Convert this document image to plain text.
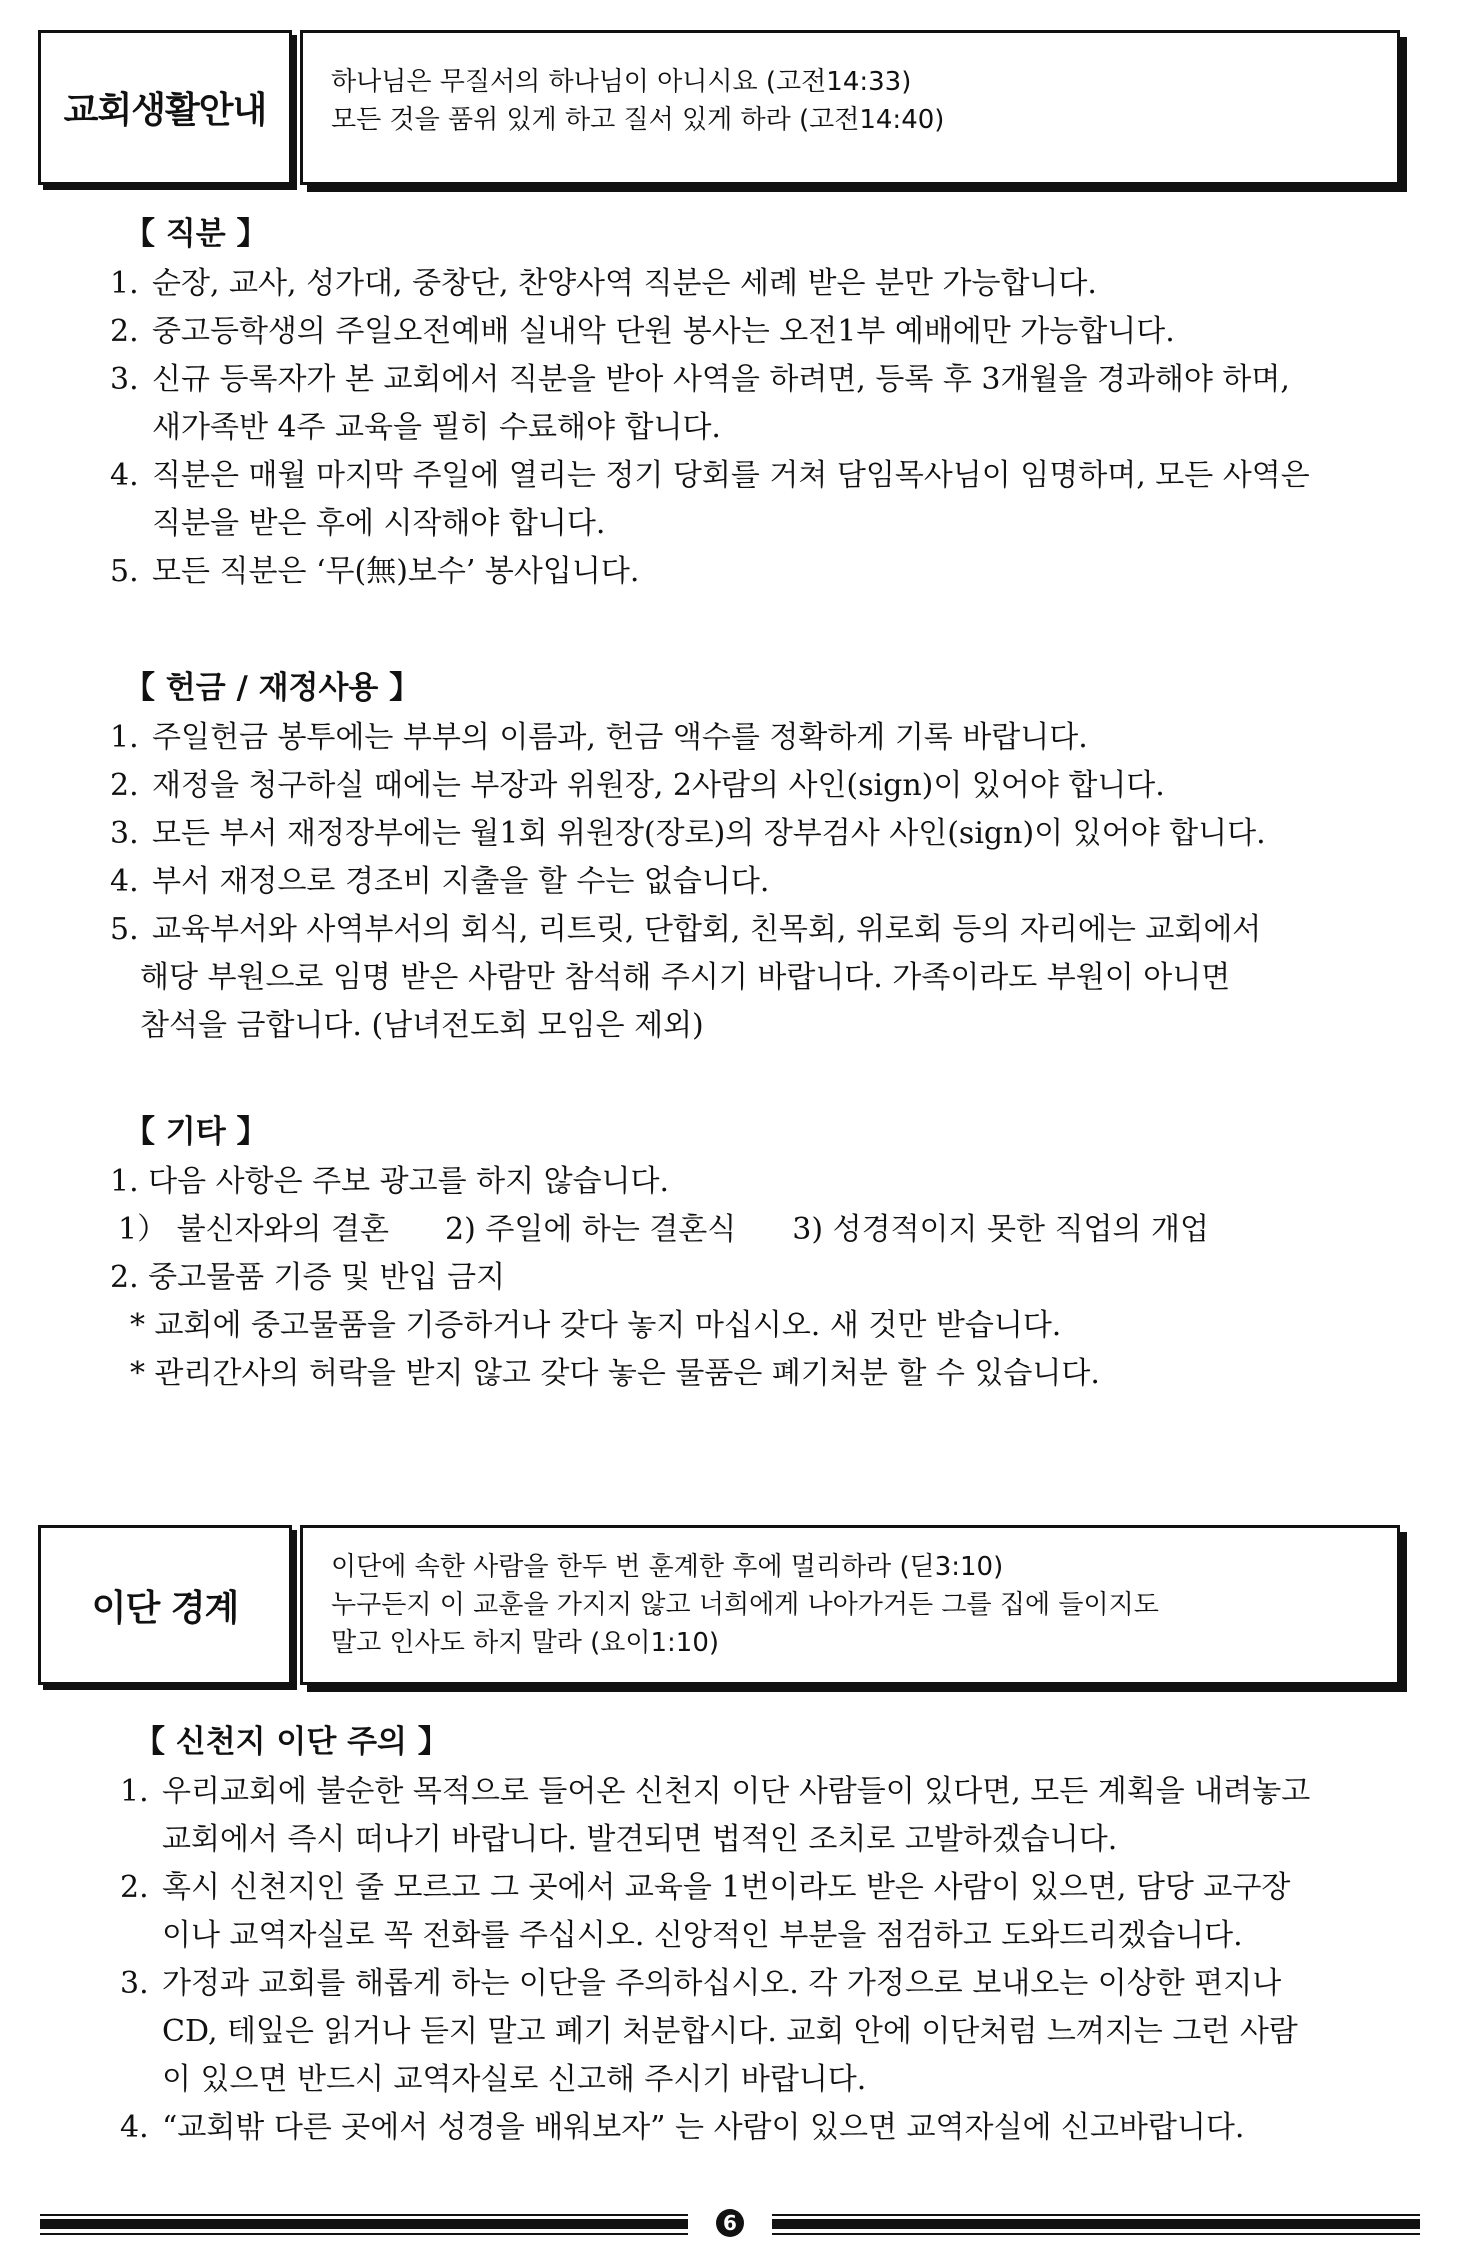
교회생활안내
하나님은 무질서의 하나님이 아니시요 (고전14:33)
모든 것을 품위 있게 하고 질서 있게 하라 (고전14:40)
【 직분 】
1. 순장, 교사, 성가대, 중창단, 찬양사역 직분은 세례 받은 분만 가능합니다.
2. 중고등학생의 주일오전예배 실내악 단원 봉사는 오전1부 예배에만 가능합니다.
3. 신규 등록자가 본 교회에서 직분을 받아 사역을 하려면, 등록 후 3개월을 경과해야 하며,
새가족반 4주 교육을 필히 수료해야 합니다.
4. 직분은 매월 마지막 주일에 열리는 정기 당회를 거쳐 담임목사님이 임명하며, 모든 사역은
직분을 받은 후에 시작해야 합니다.
5. 모든 직분은 ‘무(無)보수’ 봉사입니다.
【 헌금 / 재정사용 】
1. 주일헌금 봉투에는 부부의 이름과, 헌금 액수를 정확하게 기록 바랍니다.
2. 재정을 청구하실 때에는 부장과 위원장, 2사람의 사인(sign)이 있어야 합니다.
3. 모든 부서 재정장부에는 월1회 위원장(장로)의 장부검사 사인(sign)이 있어야 합니다.
4. 부서 재정으로 경조비 지출을 할 수는 없습니다.
5. 교육부서와 사역부서의 회식, 리트릿, 단합회, 친목회, 위로회 등의 자리에는 교회에서
해당 부원으로 임명 받은 사람만 참석해 주시기 바랍니다. 가족이라도 부원이 아니면
참석을 금합니다. (남녀전도회 모임은 제외)
【 기타 】
1. 다음 사항은 주보 광고를 하지 않습니다.
1） 불신자와의 결혼 2) 주일에 하는 결혼식 3) 성경적이지 못한 직업의 개업
2. 중고물품 기증 및 반입 금지
* 교회에 중고물품을 기증하거나 갖다 놓지 마십시오. 새 것만 받습니다.
* 관리간사의 허락을 받지 않고 갖다 놓은 물품은 폐기처분 할 수 있습니다.
이단 경계
이단에 속한 사람을 한두 번 훈계한 후에 멀리하라 (딛3:10)
누구든지 이 교훈을 가지지 않고 너희에게 나아가거든 그를 집에 들이지도
말고 인사도 하지 말라 (요이1:10)
【 신천지 이단 주의 】
1. 우리교회에 불순한 목적으로 들어온 신천지 이단 사람들이 있다면, 모든 계획을 내려놓고
교회에서 즉시 떠나기 바랍니다. 발견되면 법적인 조치로 고발하겠습니다.
2. 혹시 신천지인 줄 모르고 그 곳에서 교육을 1번이라도 받은 사람이 있으면, 담당 교구장
이나 교역자실로 꼭 전화를 주십시오. 신앙적인 부분을 점검하고 도와드리겠습니다.
3. 가정과 교회를 해롭게 하는 이단을 주의하십시오. 각 가정으로 보내오는 이상한 편지나
CD, 테잎은 읽거나 듣지 말고 폐기 처분합시다. 교회 안에 이단처럼 느껴지는 그런 사람
이 있으면 반드시 교역자실로 신고해 주시기 바랍니다.
4. “교회밖 다른 곳에서 성경을 배워보자” 는 사람이 있으면 교역자실에 신고바랍니다.
6
